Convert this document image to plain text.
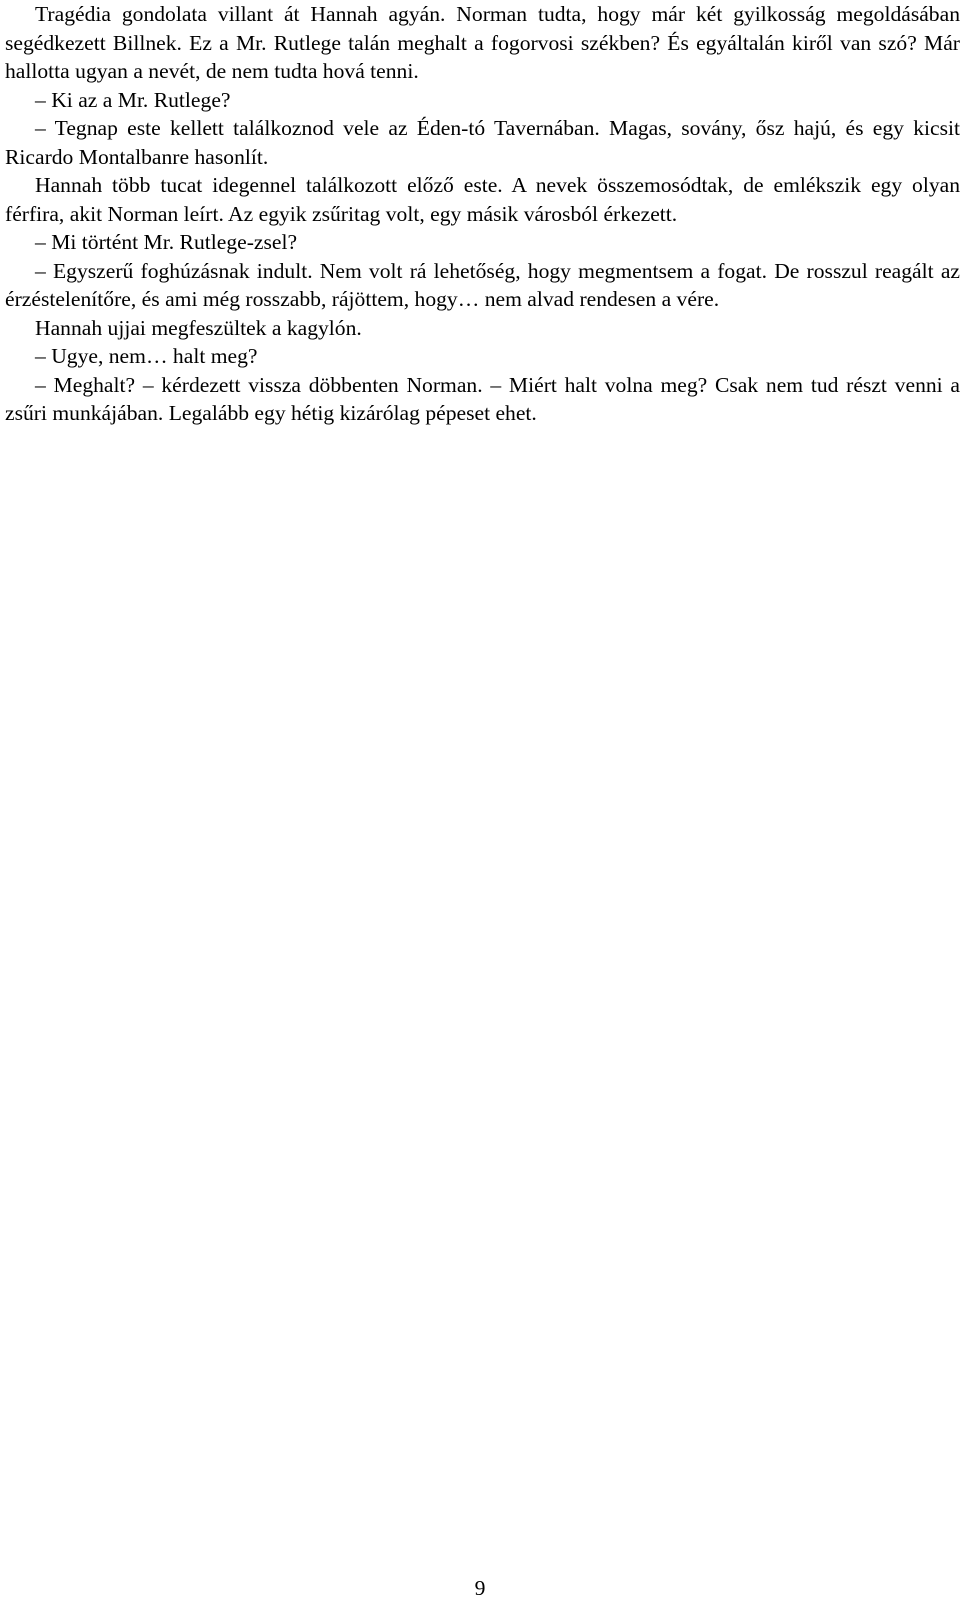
Tragédia gondolata villant át Hannah agyán. Norman tudta, hogy már két gyilkosság megoldásában segédkezett Billnek. Ez a Mr. Rutlege talán meghalt a fogorvosi székben? És egyáltalán kiről van szó? Már hallotta ugyan a nevét, de nem tudta hová tenni.

– Ki az a Mr. Rutlege?

– Tegnap este kellett találkoznod vele az Éden-tó Tavernában. Magas, sovány, ősz hajú, és egy kicsit Ricardo Montalbanre hasonlít.

Hannah több tucat idegennel találkozott előző este. A nevek összemosódtak, de emlékszik egy olyan férfira, akit Norman leírt. Az egyik zsűritag volt, egy másik városból érkezett.

– Mi történt Mr. Rutlege-zsel?

– Egyszerű foghúzásnak indult. Nem volt rá lehetőség, hogy megmentsem a fogat. De rosszul reagált az érzéstelenítőre, és ami még rosszabb, rájöttem, hogy… nem alvad rendesen a vére.

Hannah ujjai megfeszültek a kagylón.

– Ugye, nem… halt meg?

– Meghalt? – kérdezett vissza döbbenten Norman. – Miért halt volna meg? Csak nem tud részt venni a zsűri munkájában. Legalább egy hétig kizárólag pépeset ehet.

9
